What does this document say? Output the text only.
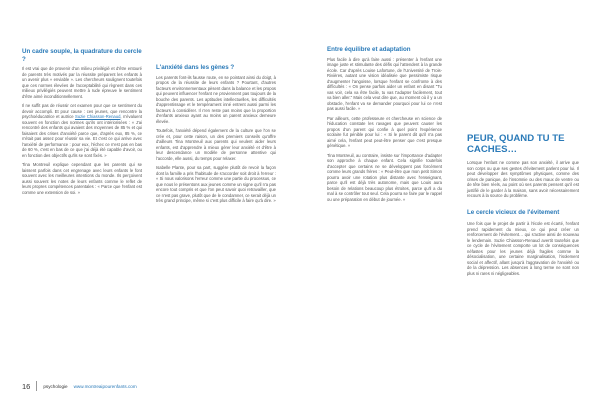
Un cadre souple, la quadrature du cercle ?

Il est vrai que de provenir d'un milieu privilégié et d'être entouré de parents très motivés par la réussite préparent les enfants à un avenir plus « enviable ». Les chercheurs soulignent toutefois que ces normes élevées de l'acceptabilité qui règnent dans ces milieux privilégiés peuvent mettre à rude épreuve le sentiment d'être aimé inconditionnellement.

Il ne suffit pas de réussir cet examen pour que ce sentiment du devoir accompli. Et pour cause : ces jeunes, que rencontre la psychoéducatrice et autrice Suzie Chiasson-Renaud, n'évaluent souvent en fonction des normes qu'ils ont intériorisées : « J'ai rencontré des enfants qui avaient des moyennes de 85 % et qui faisaient des crises d'anxiété parce que, d'après eux, 85 %, ce n'était pas assez pour réussir sa vie. Et c'est ce qui arrive avec l'anxiété de performance : pour eux, l'échec ce n'est pas en bas de 60 %, c'est en bas de ce que j'ai déjà été capable d'avoir, ou en fonction des objectifs qu'ils se sont fixés. »

Tina Montreuil explique cependant que les parents qui se laissent parfois dans cet engrenage avec leurs enfants le font souvent avec les meilleures intentions du monde. Ils perçoivent aussi souvent les notes de leurs enfants comme le reflet de leurs propres compétences parentales : « Parce que l'enfant est comme une extension de soi. »

L'anxiété dans les gènes ?

Les parents font-ils fausse route, en se pointant ainsi du doigt, à propos de la réussite de leurs enfants ? Pourtant, d'autres facteurs environnementaux pèsent dans la balance et les propos qui peuvent influencer l'enfant ne proviennent pas toujours de la bouche des parents. Les aptitudes intellectuelles, les difficultés d'apprentissage et le tempérament inné entrent aussi parmi les facteurs à considérer. Il n'en reste pas moins que la proportion d'enfants anxieux ayant au moins un parent anxieux demeure élevée.

Toutefois, l'anxiété dépend également de la culture que l'on se crée et, pour cette raison, un des premiers conseils qu'offre d'ailleurs Tina Montreuil aux parents qui veulent aider leurs enfants, est d'apprendre à mieux gérer leur anxiété et d'être à leur descendance un modèle de personne attentive qui l'accorde, elle aussi, du temps pour relaxer.

Isabelle Plante, pour sa part, suggère plutôt de revoir la façon dont la famille a pris l'habitude de s'accorder soit droit à l'erreur : « Si nous valorisons l'erreur comme une partie du processus, ce que nous le présentons aux jeunes comme un signe qu'il n'a pas encore tout compris et que l'on peut savoir quoi retravailler, que ce n'est pas grave, plutôt que de le condamner, ce serait déjà un très grand principe, même si c'est plus difficile à faire qu'à dire. »

Entre équilibre et adaptation

Plus facile à dire qu'à faire aussi : présenter à l'enfant une image juste et stimulante des défis qui l'attendent à la grande école. Car d'après Louise Lafortune, de l'Université de Trois-Rivières, autant une vision idéalisée que pessimiste risque d'augmenter l'angoisse, lorsque l'enfant se confronte à des difficultés : « On pense parfois aider un enfant en disant "Tu vas voir, cela va être facile, tu vas t'adapter facilement, tout va bien aller." Mais cela veut dire que, au moment où il y a un obstacle, l'enfant va se demander pourquoi pour lui ce n'est pas aussi facile. »

Par ailleurs, cette professeure et chercheuse en science de l'éducation constate les ravages que peuvent causer les propos d'un parent qui confie à quel point l'expérience scolaire fut pénible pour lui : « Si le parent dit qu'il n'a pas aimé cela, l'enfant peut peut-être penser que c'est presque génétique. »

Tina Montreuil, au contraire, insiste sur l'importance d'adapter son approche à chaque enfant. Cela signifie toutefois d'accepter que certains ne se développent pas forcément comme leurs grands frères : « Peut-être que mon petit Simon pourra avoir une rotation plus distante avec l'enseignant, parce qu'il est déjà très autonome, mais que Louis aura besoin de relations beaucoup plus étroites, parce qu'il a du mal à se contrôler tout seul. Cela pourra se faire par le rappel ou une préparation en début de journée. »

PEUR, QUAND TU TE CACHES…

Lorsque l'enfant ne comme pas son anxiété, il arrive que son corps ou que ses gestes d'évitement parlent pour lui. Il peut développer des symptômes physiques, comme des crises de panique, de l'insomnie ou des maux de ventre ou de tête bien réels, au point où ses parents pensent qu'il est justifié de le garder à la maison, sans avoir nécessairement recours à la source du problème.

Le cercle vicieux de l'évitement

Une fois que le projet de partir à l'école est écarté, l'enfant prend rapidement du mieux, ce qui peut créer un renforcement de l'évitement… qui s'active ainsi de nouveau le lendemain. Suzie Chiasson-Renaud avertit toutefois que ce cycle de l'évitement comporte un lot de conséquences néfastes pour les jeunes déjà fragiles comme la désocialisation, une certaine marginalisation, l'isolement social et affectif, allant jusqu'à l'aggravation de l'anxiété ou de la dépression. Les absences à long terme ne sont non plus ni rares ni négligeables.

16	psychologie www.montreaipourenfants.com
